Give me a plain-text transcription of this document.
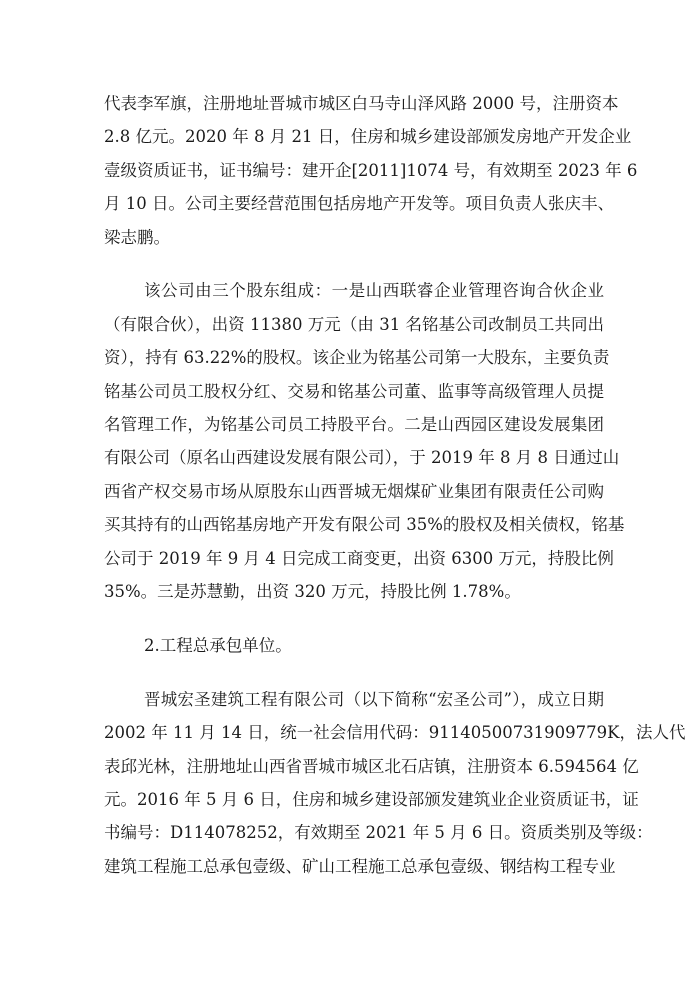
代表李军旗，注册地址晋城市城区白马寺山泽风路 2000 号，注册资本
2.8 亿元。2020 年 8 月 21 日，住房和城乡建设部颁发房地产开发企业
壹级资质证书，证书编号：建开企[2011]1074 号，有效期至 2023 年 6
月 10 日。公司主要经营范围包括房地产开发等。项目负责人张庆丰、
梁志鹏。
该公司由三个股东组成：一是山西联睿企业管理咨询合伙企业
（有限合伙），出资 11380 万元（由 31 名铭基公司改制员工共同出
资），持有 63.22%的股权。该企业为铭基公司第一大股东，主要负责
铭基公司员工股权分红、交易和铭基公司董、监事等高级管理人员提
名管理工作，为铭基公司员工持股平台。二是山西园区建设发展集团
有限公司（原名山西建设发展有限公司），于 2019 年 8 月 8 日通过山
西省产权交易市场从原股东山西晋城无烟煤矿业集团有限责任公司购
买其持有的山西铭基房地产开发有限公司 35%的股权及相关债权，铭基
公司于 2019 年 9 月 4 日完成工商变更，出资 6300 万元，持股比例
35%。三是苏慧勤，出资 320 万元，持股比例 1.78%。
2.工程总承包单位。
晋城宏圣建筑工程有限公司（以下简称“宏圣公司”），成立日期
2002 年 11 月 14 日，统一社会信用代码：91140500731909779K，法人代
表邱光林，注册地址山西省晋城市城区北石店镇，注册资本 6.594564 亿
元。2016 年 5 月 6 日，住房和城乡建设部颁发建筑业企业资质证书，证
书编号：D114078252，有效期至 2021 年 5 月 6 日。资质类别及等级：
建筑工程施工总承包壹级、矿山工程施工总承包壹级、钢结构工程专业
